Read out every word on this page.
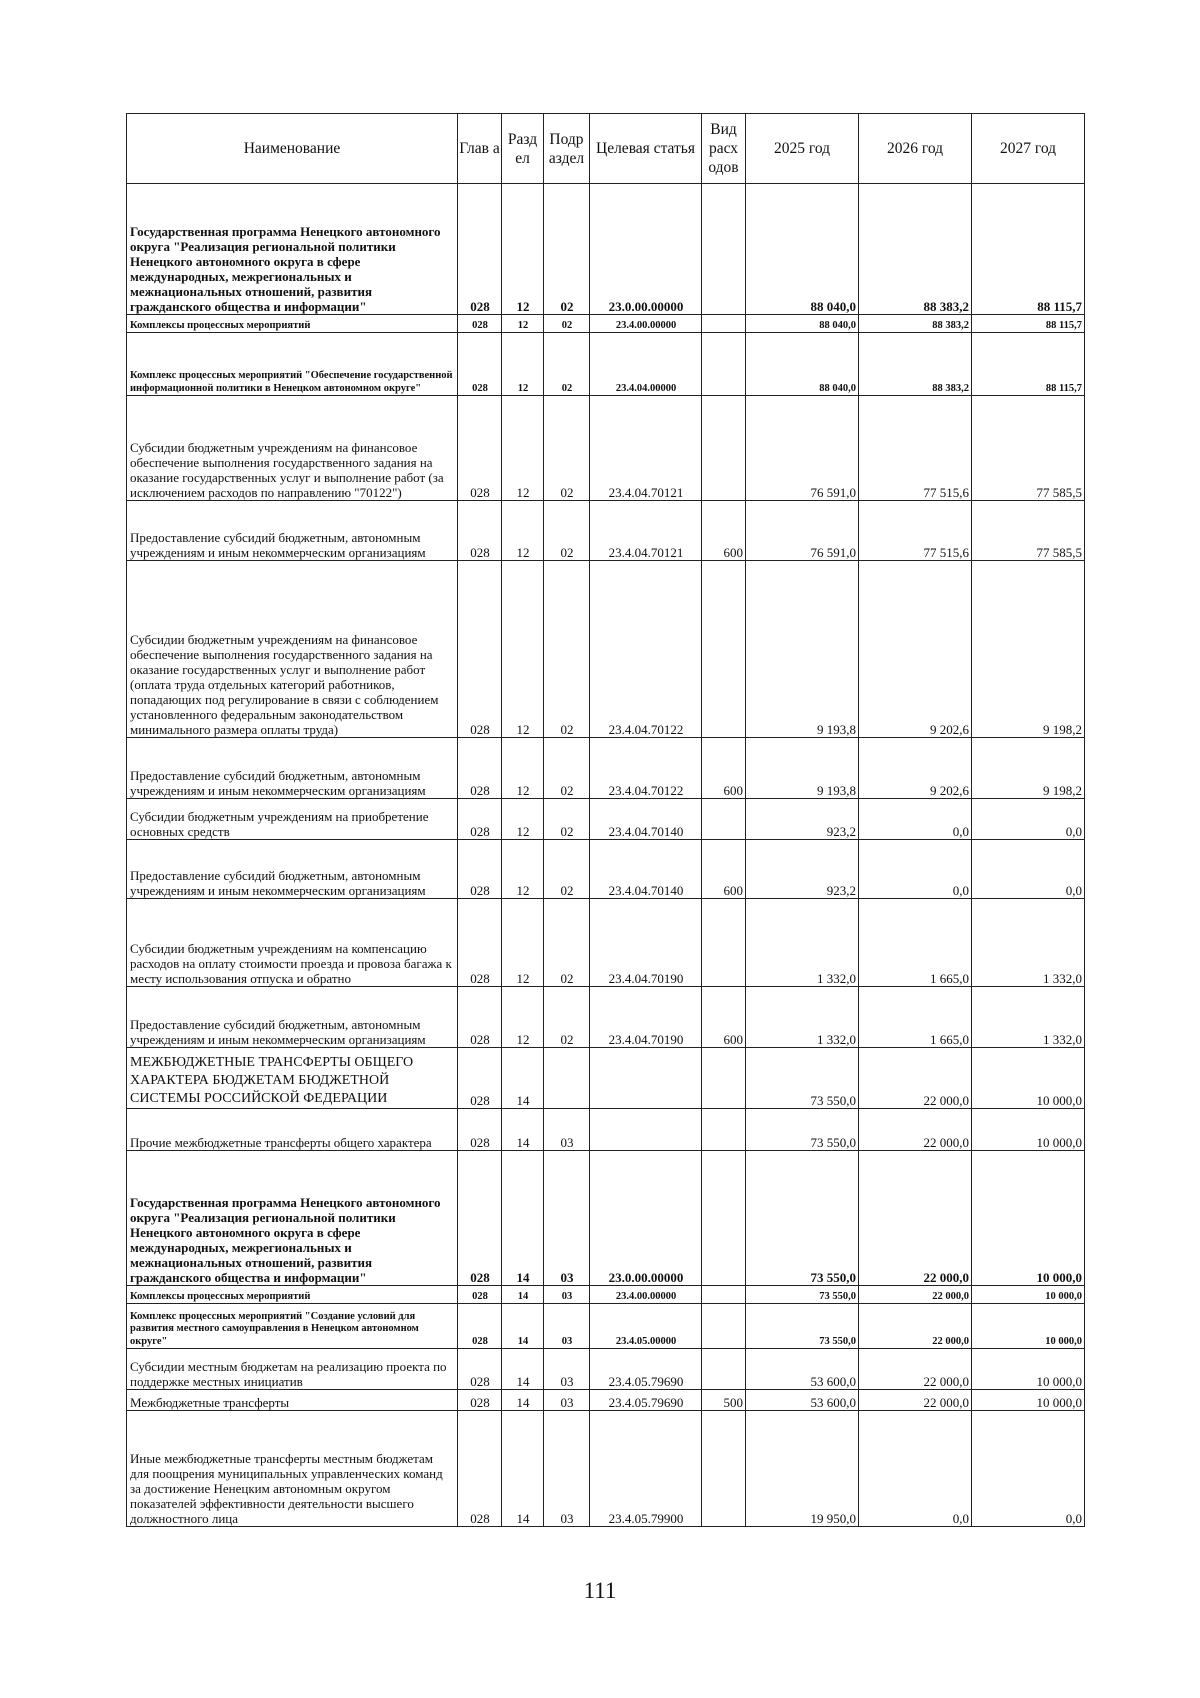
Наименование	Глав а	Разд ел	Подр аздел	Целевая статья	Вид расх одов	2025 год	2026 год	2027 год
Государственная программа Ненецкого автономного округа "Реализация региональной политики Ненецкого автономного округа в сфере международных, межрегиональных и межнациональных отношений, развития гражданского общества и информации"	028	12	02	23.0.00.00000		88 040,0	88 383,2	88 115,7
Комплексы процессных мероприятий	028	12	02	23.4.00.00000		88 040,0	88 383,2	88 115,7
Комплекс процессных мероприятий "Обеспечение государственной информационной политики в Ненецком автономном округе"	028	12	02	23.4.04.00000		88 040,0	88 383,2	88 115,7
Субсидии бюджетным учреждениям на финансовое обеспечение выполнения государственного задания на оказание государственных услуг и выполнение работ (за исключением расходов по направлению "70122")	028	12	02	23.4.04.70121		76 591,0	77 515,6	77 585,5
Предоставление субсидий бюджетным, автономным учреждениям и иным некоммерческим организациям	028	12	02	23.4.04.70121	600	76 591,0	77 515,6	77 585,5
Субсидии бюджетным учреждениям на финансовое обеспечение выполнения государственного задания на оказание государственных услуг и выполнение работ (оплата труда отдельных категорий работников, попадающих под регулирование в связи с соблюдением установленного федеральным законодательством минимального размера оплаты труда)	028	12	02	23.4.04.70122		9 193,8	9 202,6	9 198,2
Предоставление субсидий бюджетным, автономным учреждениям и иным некоммерческим организациям	028	12	02	23.4.04.70122	600	9 193,8	9 202,6	9 198,2
Субсидии бюджетным учреждениям на приобретение основных средств	028	12	02	23.4.04.70140		923,2	0,0	0,0
Предоставление субсидий бюджетным, автономным учреждениям и иным некоммерческим организациям	028	12	02	23.4.04.70140	600	923,2	0,0	0,0
Субсидии бюджетным учреждениям на компенсацию расходов на оплату стоимости проезда и провоза багажа к месту использования отпуска и обратно	028	12	02	23.4.04.70190		1 332,0	1 665,0	1 332,0
Предоставление субсидий бюджетным, автономным учреждениям и иным некоммерческим организациям	028	12	02	23.4.04.70190	600	1 332,0	1 665,0	1 332,0
МЕЖБЮДЖЕТНЫЕ ТРАНСФЕРТЫ ОБЩЕГО ХАРАКТЕРА БЮДЖЕТАМ БЮДЖЕТНОЙ СИСТЕМЫ РОССИЙСКОЙ ФЕДЕРАЦИИ	028	14				73 550,0	22 000,0	10 000,0
Прочие межбюджетные трансферты общего характера	028	14	03			73 550,0	22 000,0	10 000,0
Государственная программа Ненецкого автономного округа "Реализация региональной политики Ненецкого автономного округа в сфере международных, межрегиональных и межнациональных отношений, развития гражданского общества и информации"	028	14	03	23.0.00.00000		73 550,0	22 000,0	10 000,0
Комплексы процессных мероприятий	028	14	03	23.4.00.00000		73 550,0	22 000,0	10 000,0
Комплекс процессных мероприятий "Создание условий для развития местного самоуправления в Ненецком автономном округе"	028	14	03	23.4.05.00000		73 550,0	22 000,0	10 000,0
Субсидии местным бюджетам на реализацию проекта по поддержке местных инициатив	028	14	03	23.4.05.79690		53 600,0	22 000,0	10 000,0
Межбюджетные трансферты	028	14	03	23.4.05.79690	500	53 600,0	22 000,0	10 000,0
Иные межбюджетные трансферты местным бюджетам для поощрения муниципальных управленческих команд за достижение Ненецким автономным округом показателей эффективности деятельности высшего должностного лица	028	14	03	23.4.05.79900		19 950,0	0,0	0,0
111
